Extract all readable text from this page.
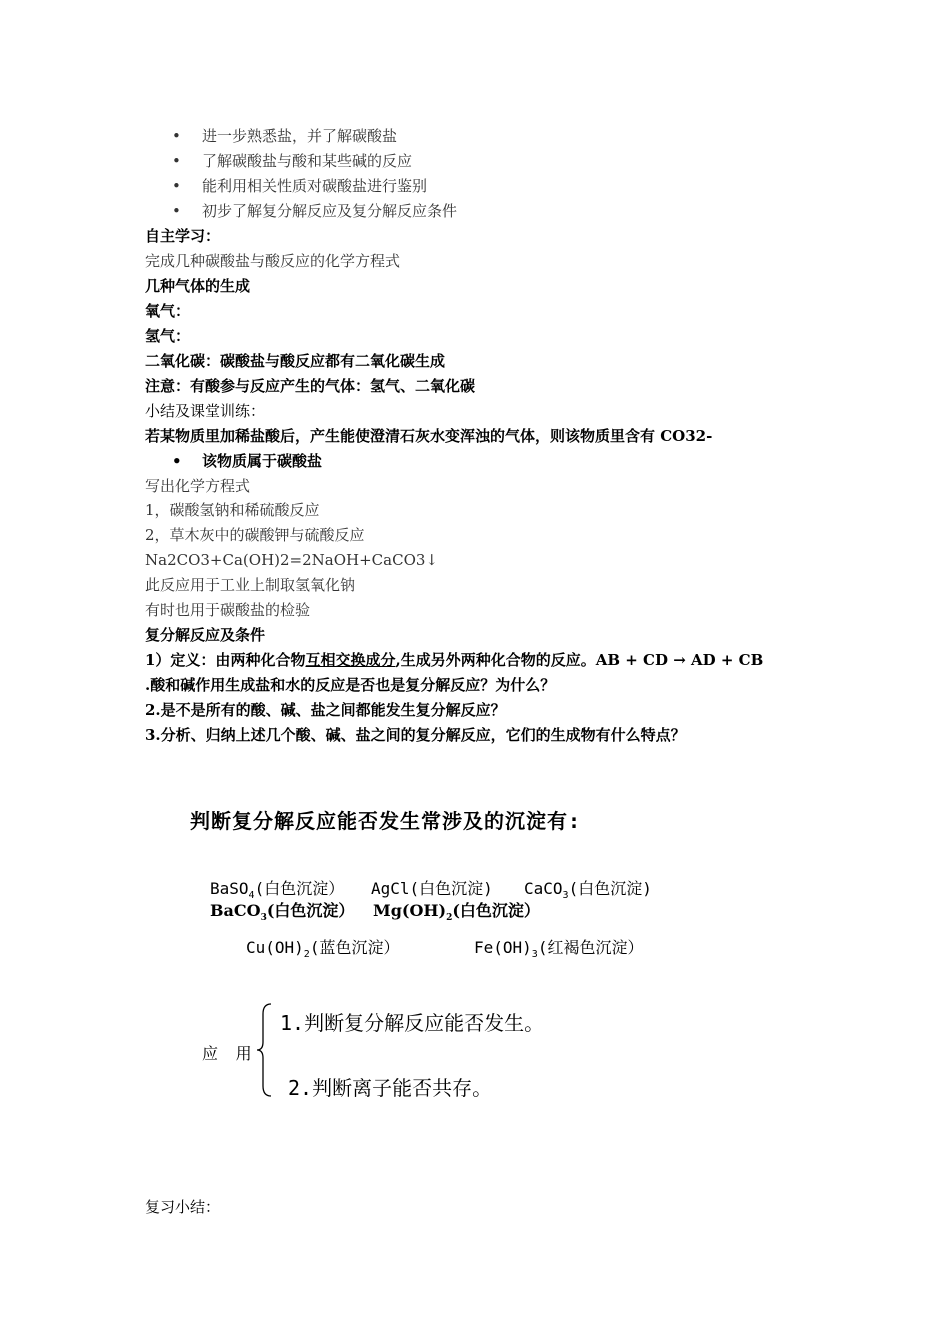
• 进一步熟悉盐，并了解碳酸盐
• 了解碳酸盐与酸和某些碱的反应
• 能利用相关性质对碳酸盐进行鉴别
• 初步了解复分解反应及复分解反应条件
自主学习：
完成几种碳酸盐与酸反应的化学方程式
几种气体的生成
氧气：
氢气：
二氧化碳：碳酸盐与酸反应都有二氧化碳生成
注意：有酸参与反应产生的气体：氢气、二氧化碳
小结及课堂训练：
若某物质里加稀盐酸后，产生能使澄清石灰水变浑浊的气体，则该物质里含有 CO32-
• 该物质属于碳酸盐
写出化学方程式
1，碳酸氢钠和稀硫酸反应
2，草木灰中的碳酸钾与硫酸反应
Na2CO3+Ca(OH)2=2NaOH+CaCO3↓
此反应用于工业上制取氢氧化钠
有时也用于碳酸盐的检验
复分解反应及条件
1）定义：由两种化合物互相交换成分,生成另外两种化合物的反应。AB + CD → AD + CB
.酸和碱作用生成盐和水的反应是否也是复分解反应？为什么？
2.是不是所有的酸、碱、盐之间都能发生复分解反应？
3.分析、归纳上述几个酸、碱、盐之间的复分解反应，它们的生成物有什么特点？
判断复分解反应能否发生常涉及的沉淀有:
BaSO$_4$(白色沉淀） AgCl(白色沉淀) CaCO$_3$(白色沉淀)
BaCO$_3$(白色沉淀） $Mg(OH)_2$(白色沉淀）
$Cu(OH)_2$(蓝色沉淀）	$Fe(OH)_3$(红褐色沉淀）
应 用
1.判断复分解反应能否发生。
2.判断离子能否共存。
复习小结：
